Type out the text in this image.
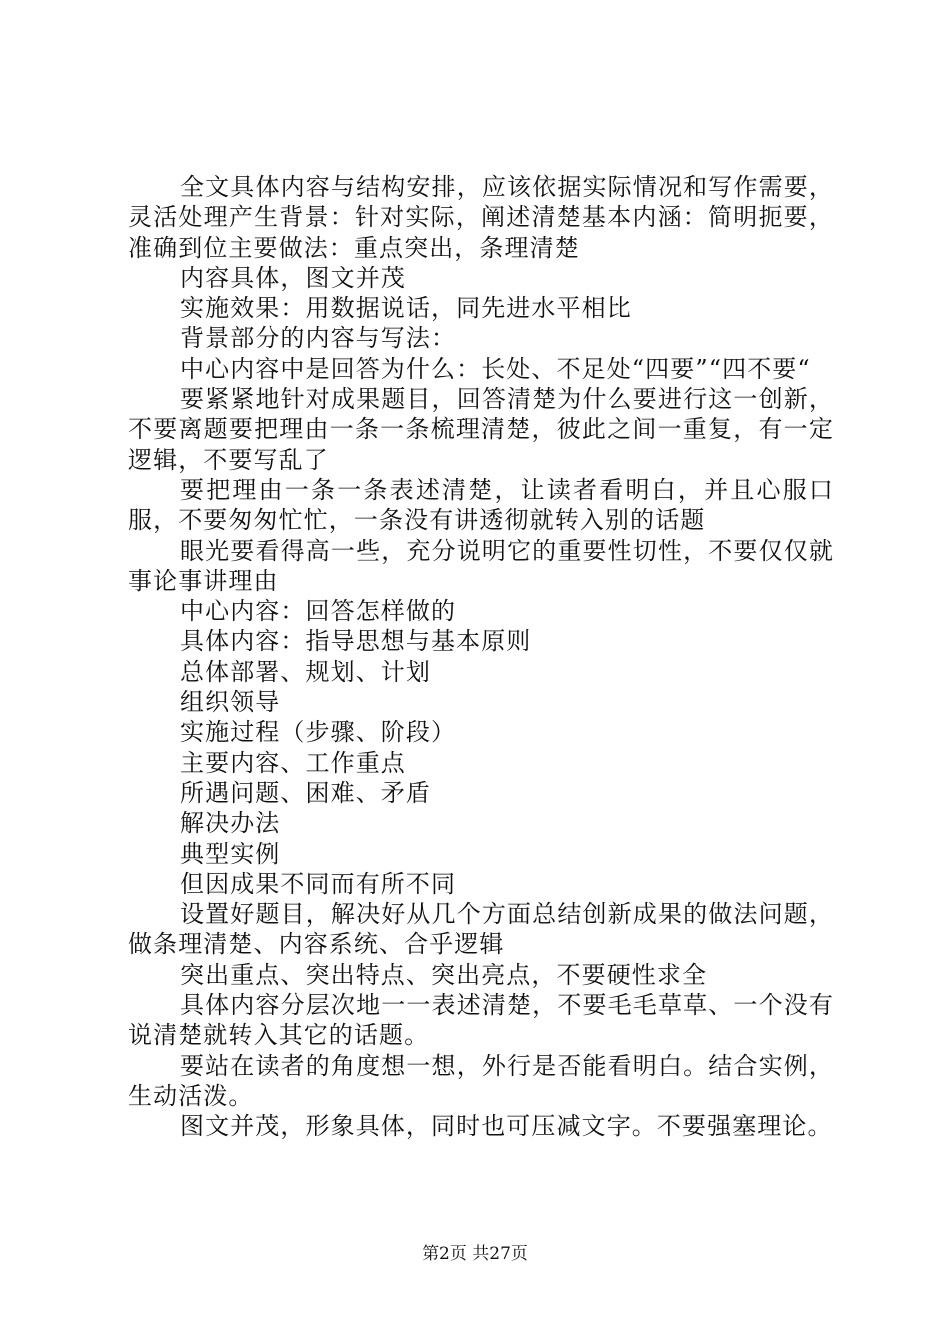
全文具体内容与结构安排，应该依据实际情况和写作需要，灵活处理产生背景：针对实际，阐述清楚基本内涵：简明扼要，准确到位主要做法：重点突出，条理清楚

内容具体，图文并茂

实施效果：用数据说话，同先进水平相比

背景部分的内容与写法：

中心内容中是回答为什么：长处、不足处“四要”“四不要“

要紧紧地针对成果题目，回答清楚为什么要进行这一创新，不要离题要把理由一条一条梳理清楚，彼此之间一重复，有一定逻辑，不要写乱了

要把理由一条一条表述清楚，让读者看明白，并且心服口服，不要匆匆忙忙，一条没有讲透彻就转入别的话题

眼光要看得高一些，充分说明它的重要性切性，不要仅仅就事论事讲理由

中心内容：回答怎样做的

具体内容：指导思想与基本原则

总体部署、规划、计划

组织领导

实施过程（步骤、阶段）

主要内容、工作重点

所遇问题、困难、矛盾

解决办法

典型实例

但因成果不同而有所不同

设置好题目，解决好从几个方面总结创新成果的做法问题，做条理清楚、内容系统、合乎逻辑

突出重点、突出特点、突出亮点，不要硬性求全

具体内容分层次地一一表述清楚，不要毛毛草草、一个没有说清楚就转入其它的话题。

要站在读者的角度想一想，外行是否能看明白。结合实例，生动活泼。

图文并茂，形象具体，同时也可压减文字。不要强塞理论。

第2页 共27页
